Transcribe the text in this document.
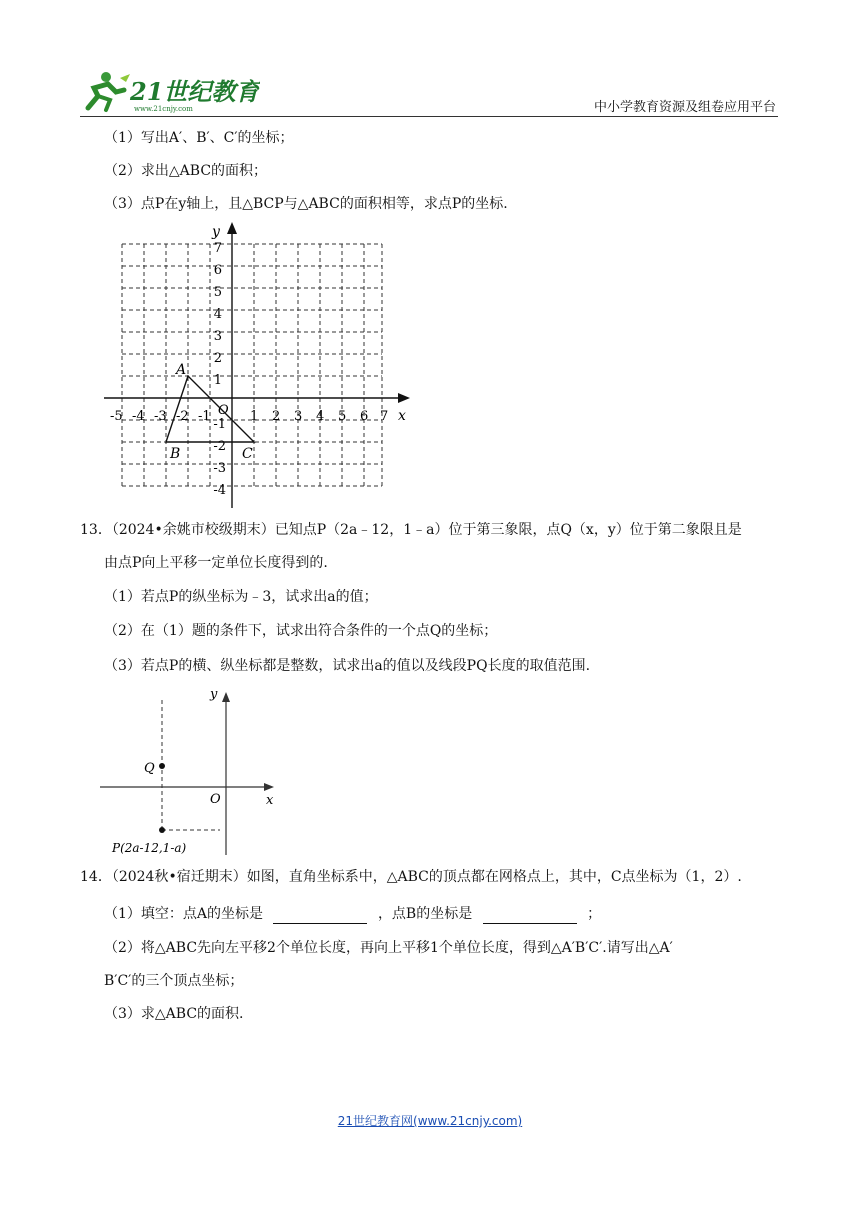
21世纪教育
www.21cnjy.com	中小学教育资源及组卷应用平台
（1）写出A′、B′、C′的坐标；
（2）求出△ABC的面积；
（3）点P在y轴上，且△BCP与△ABC的面积相等，求点P的坐标.
x
y
O
-5 -4 -3 -2 -1	1 2 3 4 5 6 7
7
6
5
4
3
2
1
-1
-2
-3
-4
A
B	C
13．（2024•余姚市校级期末）已知点P（2a﹣12，1﹣a）位于第三象限，点Q（x，y）位于第二象限且是
由点P向上平移一定单位长度得到的.
（1）若点P的纵坐标为﹣3，试求出a的值；
（2）在（1）题的条件下，试求出符合条件的一个点Q的坐标；
（3）若点P的横、纵坐标都是整数，试求出a的值以及线段PQ长度的取值范围.
x
y
O
Q
P(2a-12,1-a)
14．（2024秋•宿迁期末）如图，直角坐标系中，△ABC的顶点都在网格点上，其中，C点坐标为（1，2）.
（1）填空：点A的坐标是	，点B的坐标是	；
（2）将△ABC先向左平移2个单位长度，再向上平移1个单位长度，得到△A′B′C′.请写出△A′
B′C′的三个顶点坐标；
（3）求△ABC的面积.
21世纪教育网(www.21cnjy.com)
